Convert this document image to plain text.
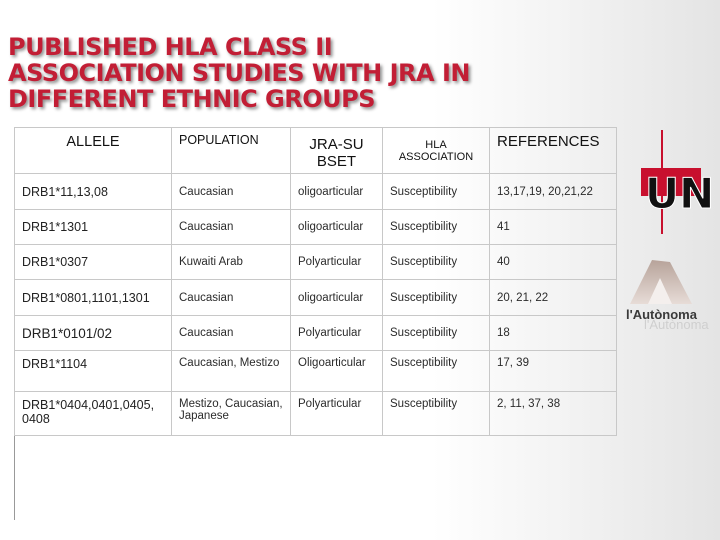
PUBLISHED HLA CLASS II ASSOCIATION STUDIES WITH JRA IN DIFFERENT ETHNIC GROUPS
ALLELE	POPULATION	JRA-SUBSET	HLA ASSOCIATION	REFERENCES
DRB1*11,13,08	Caucasian	oligoarticular	Susceptibility	13,17,19, 20,21,22
DRB1*1301	Caucasian	oligoarticular	Susceptibility	41
DRB1*0307	Kuwaiti Arab	Polyarticular	Susceptibility	40
DRB1*0801,1101,1301	Caucasian	oligoarticular	Susceptibility	20, 21, 22
DRB1*0101/02	Caucasian	Polyarticular	Susceptibility	18
DRB1*1104	Caucasian, Mestizo	Oligoarticular	Susceptibility	17, 39
DRB1*0404,0401,0405, 0408	Mestizo, Caucasian, Japanese	Polyarticular	Susceptibility	2, 11, 37, 38
UN
l'Autònoma
l'Autònoma
